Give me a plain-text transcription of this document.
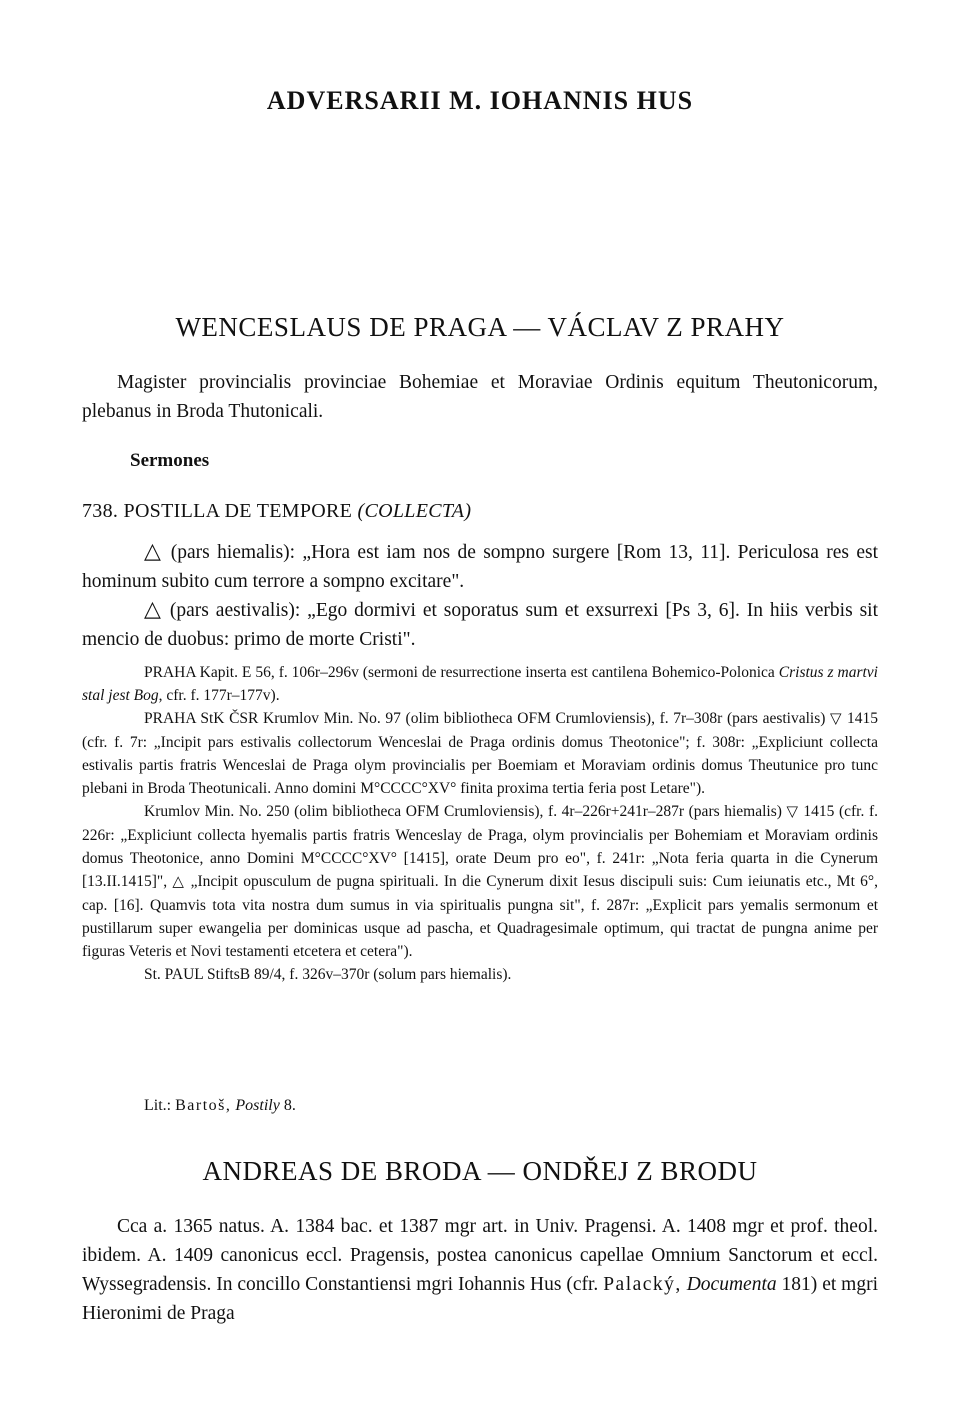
ADVERSARII M. IOHANNIS HUS
WENCESLAUS DE PRAGA — VÁCLAV Z PRAHY

Magister provincialis provinciae Bohemiae et Moraviae Ordinis equitum Theutonicorum, plebanus in Broda Thutonicali.

Sermones
738. POSTILLA DE TEMPORE (COLLECTA)

△ (pars hiemalis): „Hora est iam nos de sompno surgere [Rom 13, 11]. Periculosa res est hominum subito cum terrore a sompno excitare".

△ (pars aestivalis): „Ego dormivi et soporatus sum et exsurrexi [Ps 3, 6]. In hiis verbis sit mencio de duobus: primo de morte Cristi".

PRAHA Kapit. E 56, f. 106r–296v (sermoni de resurrectione inserta est cantilena Bohemico-Polonica Cristus z martvi stal jest Bog, cfr. f. 177r–177v).

PRAHA StK ČSR Krumlov Min. No. 97 (olim bibliotheca OFM Crumloviensis), f. 7r–308r (pars aestivalis) ▽ 1415 (cfr. f. 7r: „Incipit pars estivalis collectorum Wenceslai de Praga ordinis domus Theotonice"; f. 308r: „Expliciunt collecta estivalis partis fratris Wenceslai de Praga olym provincialis per Boemiam et Moraviam ordinis domus Theutunice pro tunc plebani in Broda Theotunicali. Anno domini M°CCCC°XV° finita proxima tertia feria post Letare").

Krumlov Min. No. 250 (olim bibliotheca OFM Crumloviensis), f. 4r–226r+241r–287r (pars hiemalis) ▽ 1415 (cfr. f. 226r: „Expliciunt collecta hyemalis partis fratris Wenceslay de Praga, olym provincialis per Bohemiam et Moraviam ordinis domus Theotonice, anno Domini M°CCCC°XV° [1415], orate Deum pro eo", f. 241r: „Nota feria quarta in die Cynerum [13.II.1415]", △ „Incipit opusculum de pugna spirituali. In die Cynerum dixit Iesus discipuli suis: Cum ieiunatis etc., Mt 6°, cap. [16]. Quamvis tota vita nostra dum sumus in via spiritualis pungna sit", f. 287r: „Explicit pars yemalis sermonum et pustillarum super ewangelia per dominicas usque ad pascha, et Quadragesimale optimum, qui tractat de pungna anime per figuras Veteris et Novi testamenti etcetera et cetera").

St. PAUL StiftsB 89/4, f. 326v–370r (solum pars hiemalis).

Lit.: Bartoš, Postily 8.

ANDREAS DE BRODA — ONDŘEJ Z BRODU

Cca a. 1365 natus. A. 1384 bac. et 1387 mgr art. in Univ. Pragensi. A. 1408 mgr et prof. theol. ibidem. A. 1409 canonicus eccl. Pragensis, postea canonicus capellae Omnium Sanctorum et eccl. Wyssegradensis. In concillo Constantiensi mgri Iohannis Hus (cfr. Palacký, Documenta 181) et mgri Hieronimi de Praga
